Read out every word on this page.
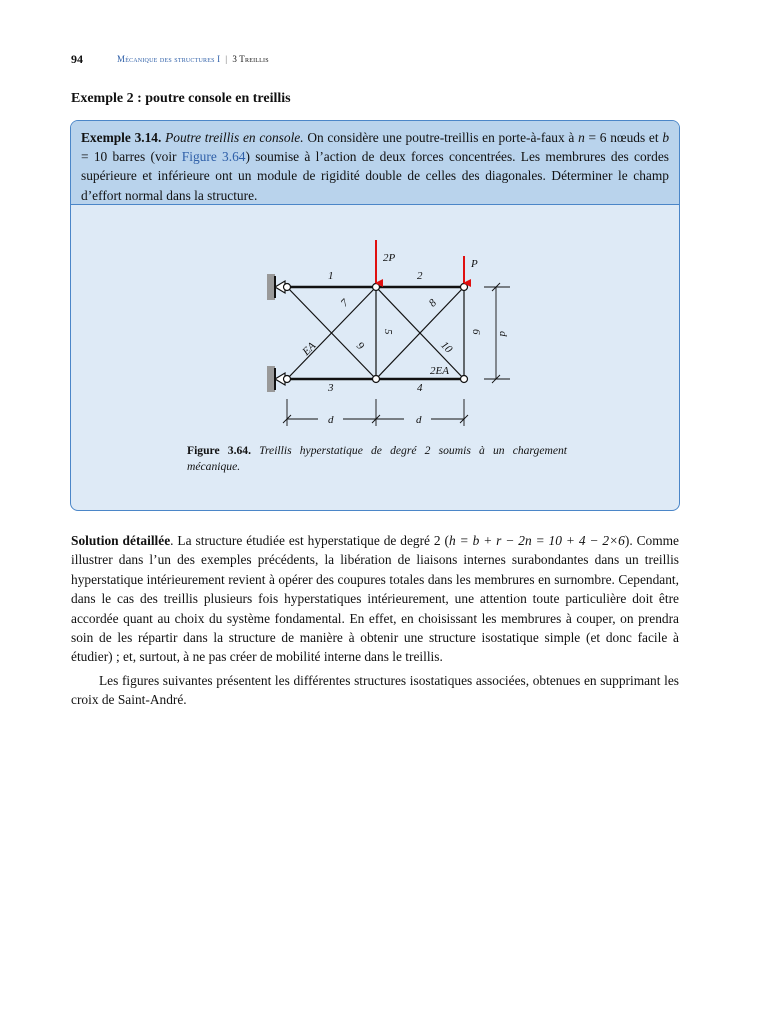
94	Mécanique des structures I | 3 Treillis
Exemple 2 : poutre console en treillis
Exemple 3.14. Poutre treillis en console. On considère une poutre-treillis en porte-à-faux à n = 6 nœuds et b = 10 barres (voir Figure 3.64) soumise à l’action de deux forces concentrées. Les membrures des cordes supérieure et inférieure ont un module de rigidité double de celles des diagonales. Déterminer le champ d’effort normal dans la structure.
2P	P
1	2
3	4
5	6
7	8
9	10
EA
2EA
d
d	d
Figure 3.64. Treillis hyperstatique de degré 2 soumis à un chargement mécanique.
Solution détaillée. La structure étudiée est hyperstatique de degré 2 (h = b + r − 2n = 10 + 4 − 2×6). Comme illustrer dans l’un des exemples précédents, la libération de liaisons internes surabondantes dans un treillis hyperstatique intérieurement revient à opérer des coupures totales dans les membrures en surnombre. Cependant, dans le cas des treillis plusieurs fois hyperstatiques intérieurement, une attention toute particulière doit être accordée quant au choix du système fondamental. En effet, en choisissant les membrures à couper, on prendra soin de les répartir dans la structure de manière à obtenir une structure isostatique simple (et donc facile à étudier) ; et, surtout, à ne pas créer de mobilité interne dans le treillis.
Les figures suivantes présentent les différentes structures isostatiques associées, obtenues en supprimant les croix de Saint-André.
